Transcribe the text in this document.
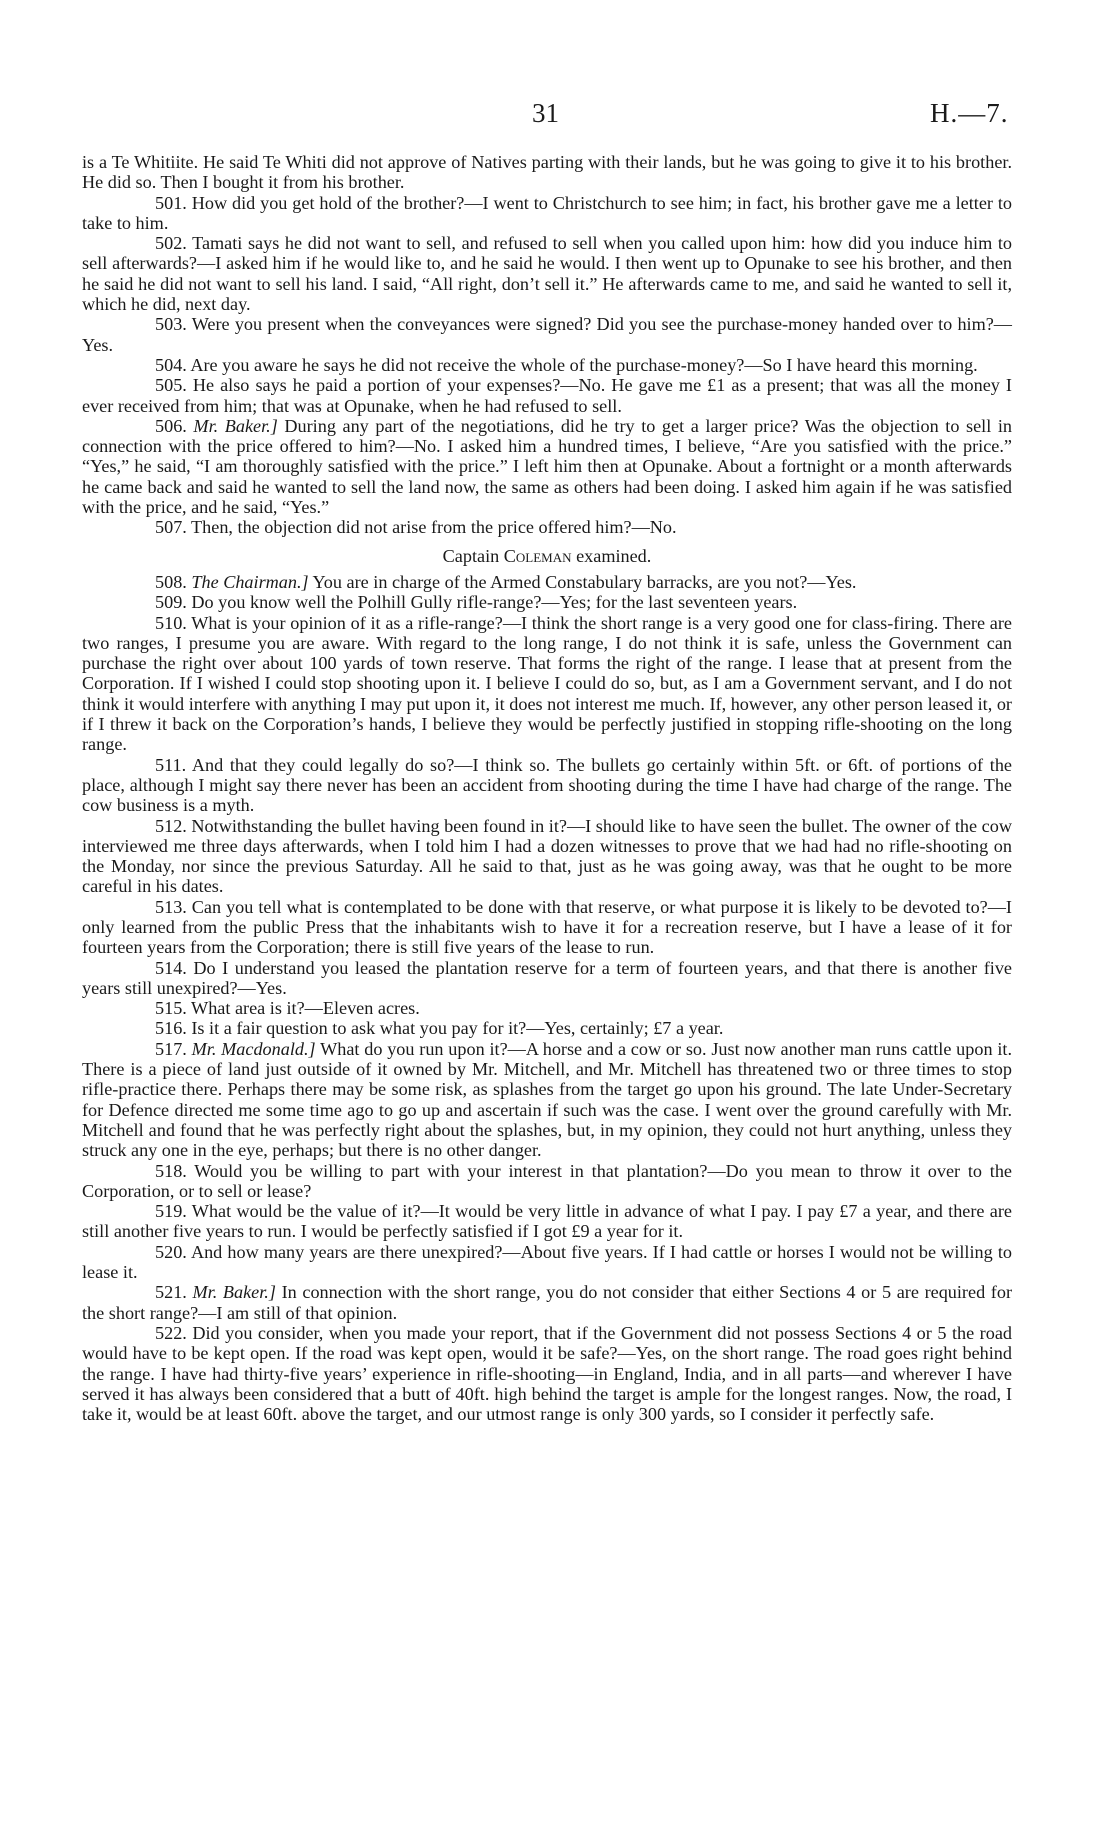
31	H.—7.

is a Te Whitiite. He said Te Whiti did not approve of Natives parting with their lands, but he was going to give it to his brother. He did so. Then I bought it from his brother.

501. How did you get hold of the brother?—I went to Christchurch to see him; in fact, his brother gave me a letter to take to him.

502. Tamati says he did not want to sell, and refused to sell when you called upon him: how did you induce him to sell afterwards?—I asked him if he would like to, and he said he would. I then went up to Opunake to see his brother, and then he said he did not want to sell his land. I said, “All right, don’t sell it.” He afterwards came to me, and said he wanted to sell it, which he did, next day.

503. Were you present when the conveyances were signed? Did you see the purchase-money handed over to him?—Yes.

504. Are you aware he says he did not receive the whole of the purchase-money?—So I have heard this morning.

505. He also says he paid a portion of your expenses?—No. He gave me £1 as a present; that was all the money I ever received from him; that was at Opunake, when he had refused to sell.

506. Mr. Baker.] During any part of the negotiations, did he try to get a larger price? Was the objection to sell in connection with the price offered to him?—No. I asked him a hundred times, I believe, “Are you satisfied with the price.” “Yes,” he said, “I am thoroughly satisfied with the price.” I left him then at Opunake. About a fortnight or a month afterwards he came back and said he wanted to sell the land now, the same as others had been doing. I asked him again if he was satisfied with the price, and he said, “Yes.”

507. Then, the objection did not arise from the price offered him?—No.

Captain Coleman examined.

508. The Chairman.] You are in charge of the Armed Constabulary barracks, are you not?—Yes.

509. Do you know well the Polhill Gully rifle-range?—Yes; for the last seventeen years.

510. What is your opinion of it as a rifle-range?—I think the short range is a very good one for class-firing. There are two ranges, I presume you are aware. With regard to the long range, I do not think it is safe, unless the Government can purchase the right over about 100 yards of town reserve. That forms the right of the range. I lease that at present from the Corporation. If I wished I could stop shooting upon it. I believe I could do so, but, as I am a Government servant, and I do not think it would interfere with anything I may put upon it, it does not interest me much. If, however, any other person leased it, or if I threw it back on the Corporation’s hands, I believe they would be perfectly justified in stopping rifle-shooting on the long range.

511. And that they could legally do so?—I think so. The bullets go certainly within 5ft. or 6ft. of portions of the place, although I might say there never has been an accident from shooting during the time I have had charge of the range. The cow business is a myth.

512. Notwithstanding the bullet having been found in it?—I should like to have seen the bullet. The owner of the cow interviewed me three days afterwards, when I told him I had a dozen witnesses to prove that we had had no rifle-shooting on the Monday, nor since the previous Saturday. All he said to that, just as he was going away, was that he ought to be more careful in his dates.

513. Can you tell what is contemplated to be done with that reserve, or what purpose it is likely to be devoted to?—I only learned from the public Press that the inhabitants wish to have it for a recreation reserve, but I have a lease of it for fourteen years from the Corporation; there is still five years of the lease to run.

514. Do I understand you leased the plantation reserve for a term of fourteen years, and that there is another five years still unexpired?—Yes.

515. What area is it?—Eleven acres.

516. Is it a fair question to ask what you pay for it?—Yes, certainly; £7 a year.

517. Mr. Macdonald.] What do you run upon it?—A horse and a cow or so. Just now another man runs cattle upon it. There is a piece of land just outside of it owned by Mr. Mitchell, and Mr. Mitchell has threatened two or three times to stop rifle-practice there. Perhaps there may be some risk, as splashes from the target go upon his ground. The late Under-Secretary for Defence directed me some time ago to go up and ascertain if such was the case. I went over the ground carefully with Mr. Mitchell and found that he was perfectly right about the splashes, but, in my opinion, they could not hurt anything, unless they struck any one in the eye, perhaps; but there is no other danger.

518. Would you be willing to part with your interest in that plantation?—Do you mean to throw it over to the Corporation, or to sell or lease?

519. What would be the value of it?—It would be very little in advance of what I pay. I pay £7 a year, and there are still another five years to run. I would be perfectly satisfied if I got £9 a year for it.

520. And how many years are there unexpired?—About five years. If I had cattle or horses I would not be willing to lease it.

521. Mr. Baker.] In connection with the short range, you do not consider that either Sections 4 or 5 are required for the short range?—I am still of that opinion.

522. Did you consider, when you made your report, that if the Government did not possess Sections 4 or 5 the road would have to be kept open. If the road was kept open, would it be safe?—Yes, on the short range. The road goes right behind the range. I have had thirty-five years’ experience in rifle-shooting—in England, India, and in all parts—and wherever I have served it has always been considered that a butt of 40ft. high behind the target is ample for the longest ranges. Now, the road, I take it, would be at least 60ft. above the target, and our utmost range is only 300 yards, so I consider it perfectly safe.
